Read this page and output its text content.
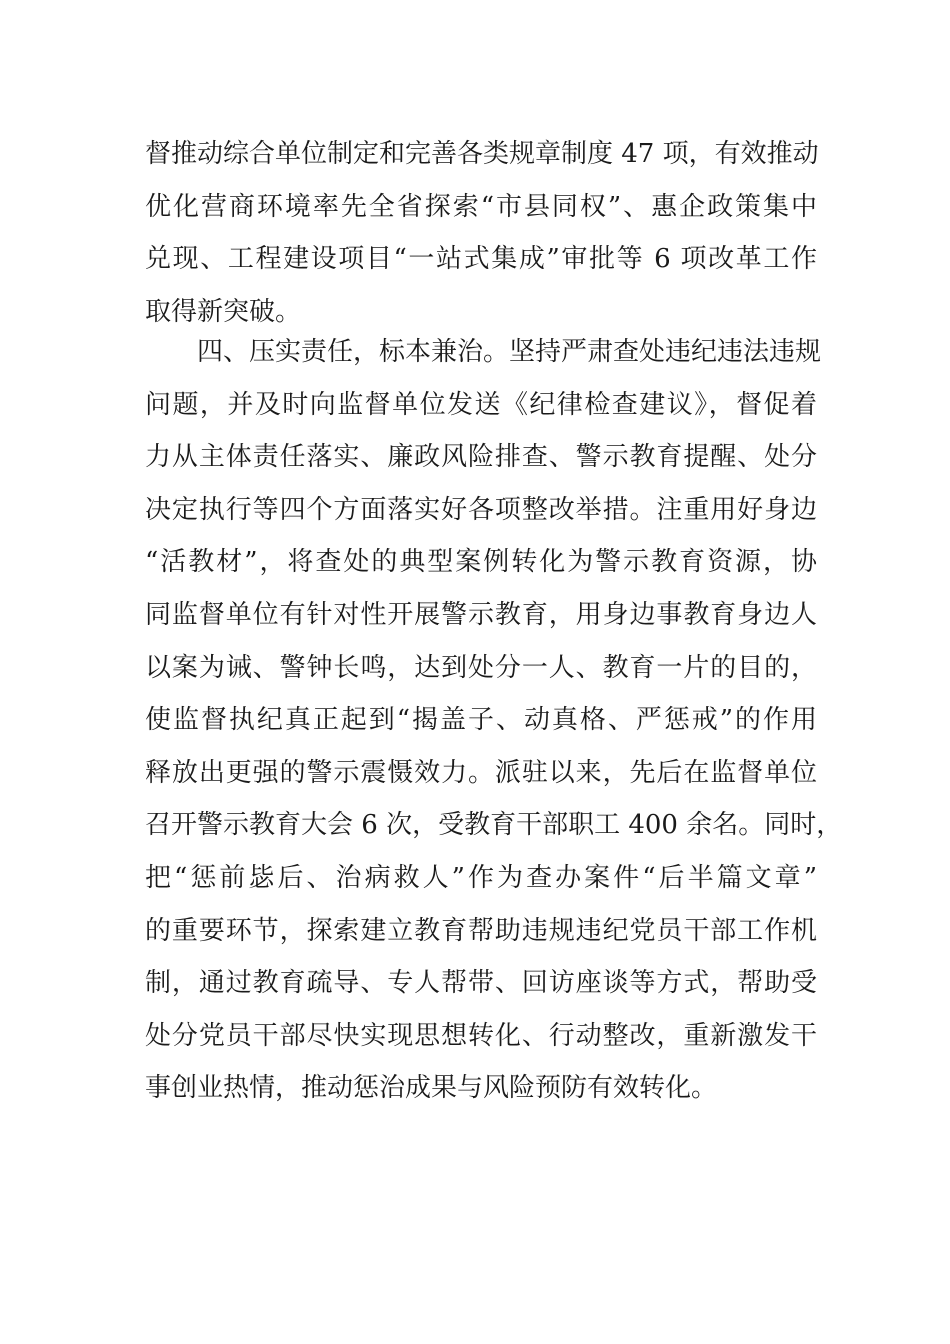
督推动综合单位制定和完善各类规章制度 47 项，有效推动
优化营商环境率先全省探索“市县同权”、惠企政策集中
兑现、工程建设项目“一站式集成”审批等 6 项改革工作
取得新突破。
四、压实责任，标本兼治。坚持严肃查处违纪违法违规
问题，并及时向监督单位发送《纪律检查建议》，督促着
力从主体责任落实、廉政风险排查、警示教育提醒、处分
决定执行等四个方面落实好各项整改举措。注重用好身边
“活教材”，将查处的典型案例转化为警示教育资源，协
同监督单位有针对性开展警示教育，用身边事教育身边人
以案为诫、警钟长鸣，达到处分一人、教育一片的目的，
使监督执纪真正起到“揭盖子、动真格、严惩戒”的作用
释放出更强的警示震慑效力。派驻以来，先后在监督单位
召开警示教育大会 6 次，受教育干部职工 400 余名。同时，
把“惩前毖后、治病救人”作为查办案件“后半篇文章”
的重要环节，探索建立教育帮助违规违纪党员干部工作机
制，通过教育疏导、专人帮带、回访座谈等方式，帮助受
处分党员干部尽快实现思想转化、行动整改，重新激发干
事创业热情，推动惩治成果与风险预防有效转化。
